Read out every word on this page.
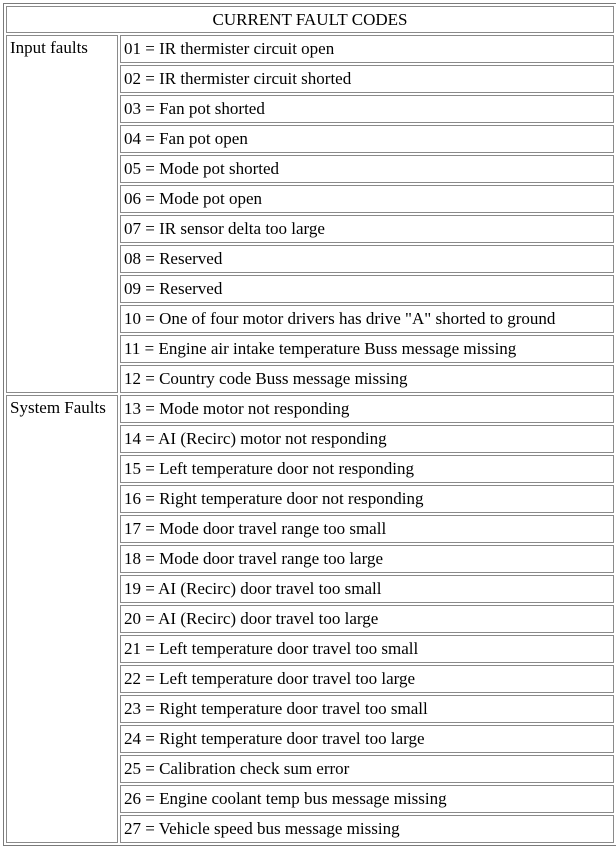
CURRENT FAULT CODES	
Input faults	01 = IR thermister circuit open
	02 = IR thermister circuit shorted
	03 = Fan pot shorted
	04 = Fan pot open
	05 = Mode pot shorted
	06 = Mode pot open
	07 = IR sensor delta too large
	08 = Reserved
	09 = Reserved
	10 = One of four motor drivers has drive "A" shorted to ground
	11 = Engine air intake temperature Buss message missing
	12 = Country code Buss message missing
System Faults	13 = Mode motor not responding
	14 = AI (Recirc) motor not responding
	15 = Left temperature door not responding
	16 = Right temperature door not responding
	17 = Mode door travel range too small
	18 = Mode door travel range too large
	19 = AI (Recirc) door travel too small
	20 = AI (Recirc) door travel too large
	21 = Left temperature door travel too small
	22 = Left temperature door travel too large
	23 = Right temperature door travel too small
	24 = Right temperature door travel too large
	25 = Calibration check sum error
	26 = Engine coolant temp bus message missing
	27 = Vehicle speed bus message missing
